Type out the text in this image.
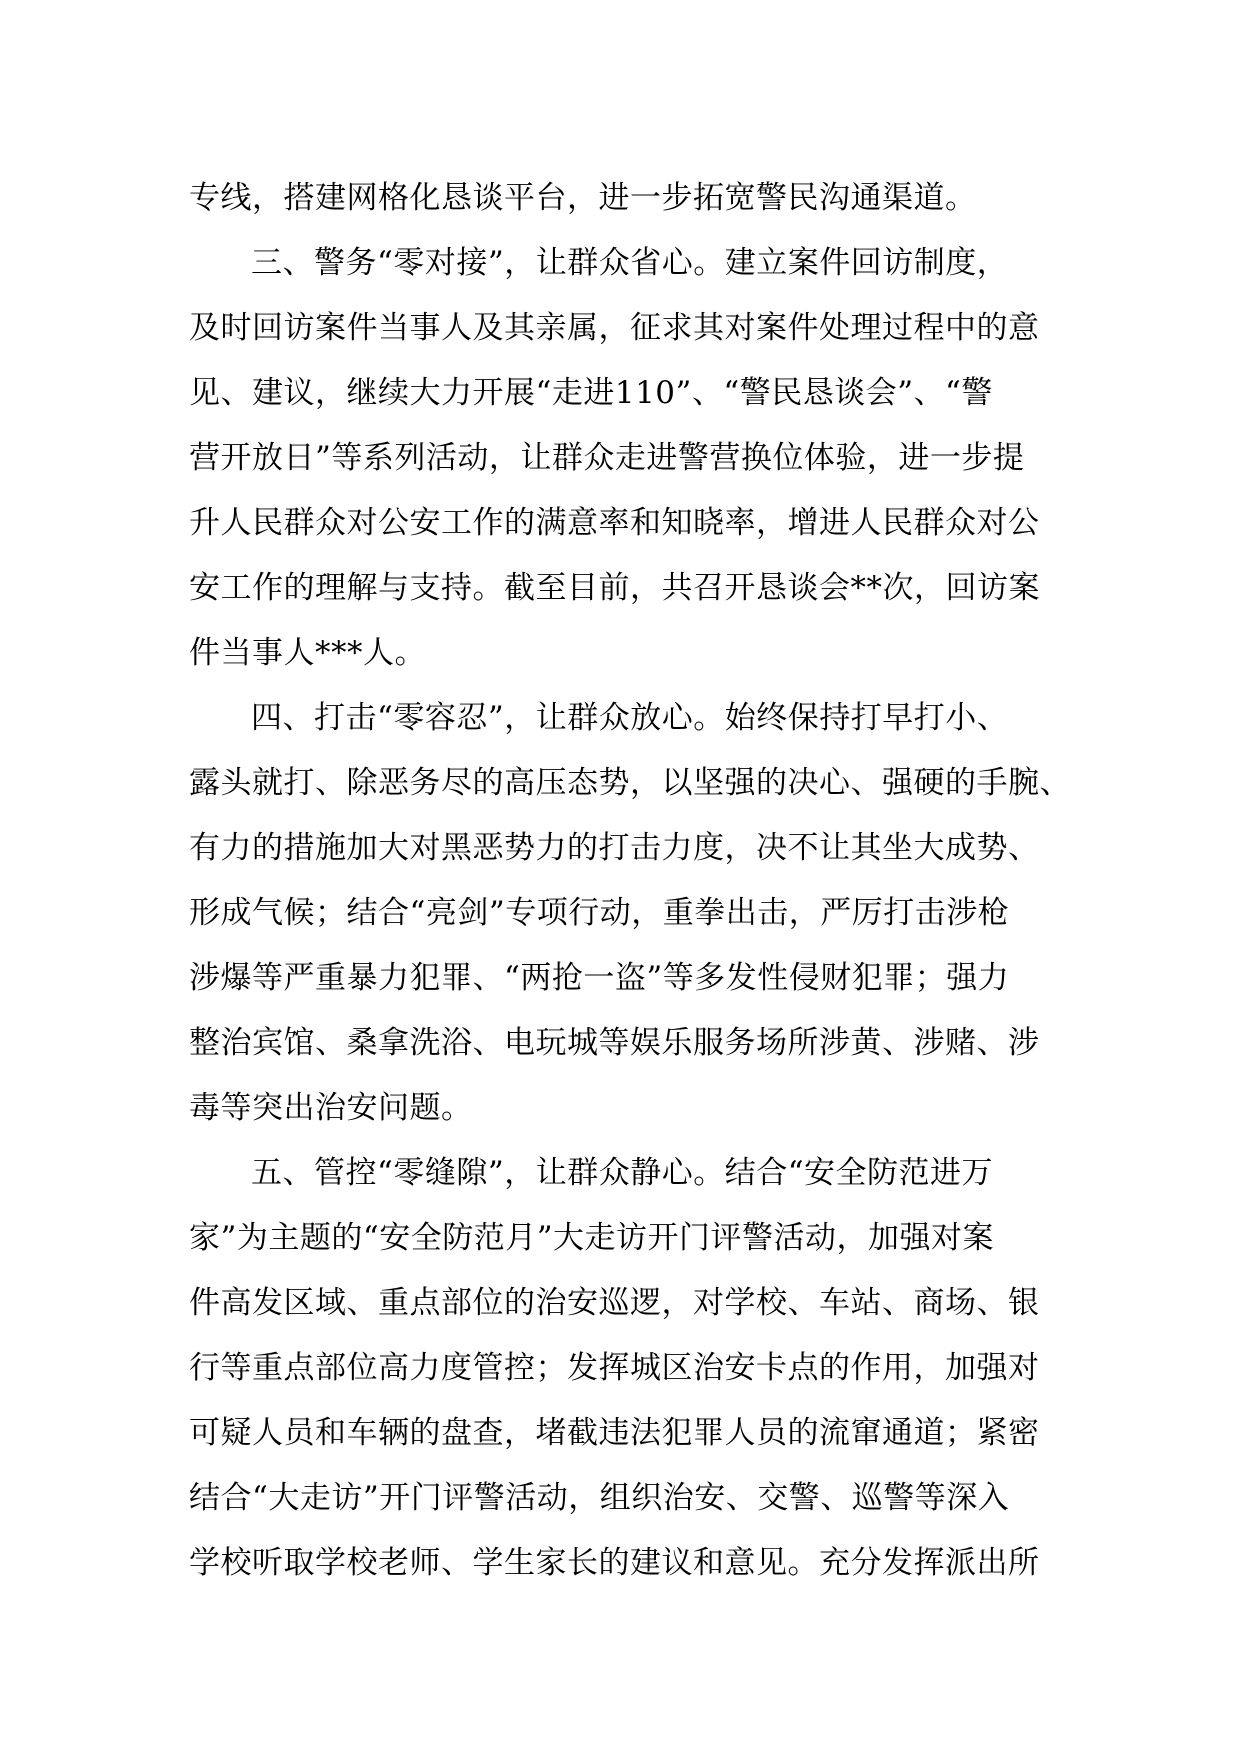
专线，搭建网格化恳谈平台，进一步拓宽警民沟通渠道。
三、警务“零对接”，让群众省心。建立案件回访制度，
及时回访案件当事人及其亲属，征求其对案件处理过程中的意
见、建议，继续大力开展“走进110”、“警民恳谈会”、“警
营开放日”等系列活动，让群众走进警营换位体验，进一步提
升人民群众对公安工作的满意率和知晓率，增进人民群众对公
安工作的理解与支持。截至目前，共召开恳谈会**次，回访案
件当事人***人。
四、打击“零容忍”，让群众放心。始终保持打早打小、
露头就打、除恶务尽的高压态势，以坚强的决心、强硬的手腕、
有力的措施加大对黑恶势力的打击力度，决不让其坐大成势、
形成气候；结合“亮剑”专项行动，重拳出击，严厉打击涉枪
涉爆等严重暴力犯罪、“两抢一盗”等多发性侵财犯罪；强力
整治宾馆、桑拿洗浴、电玩城等娱乐服务场所涉黄、涉赌、涉
毒等突出治安问题。
五、管控“零缝隙”，让群众静心。结合“安全防范进万
家”为主题的“安全防范月”大走访开门评警活动，加强对案
件高发区域、重点部位的治安巡逻，对学校、车站、商场、银
行等重点部位高力度管控；发挥城区治安卡点的作用，加强对
可疑人员和车辆的盘查，堵截违法犯罪人员的流窜通道；紧密
结合“大走访”开门评警活动，组织治安、交警、巡警等深入
学校听取学校老师、学生家长的建议和意见。充分发挥派出所
